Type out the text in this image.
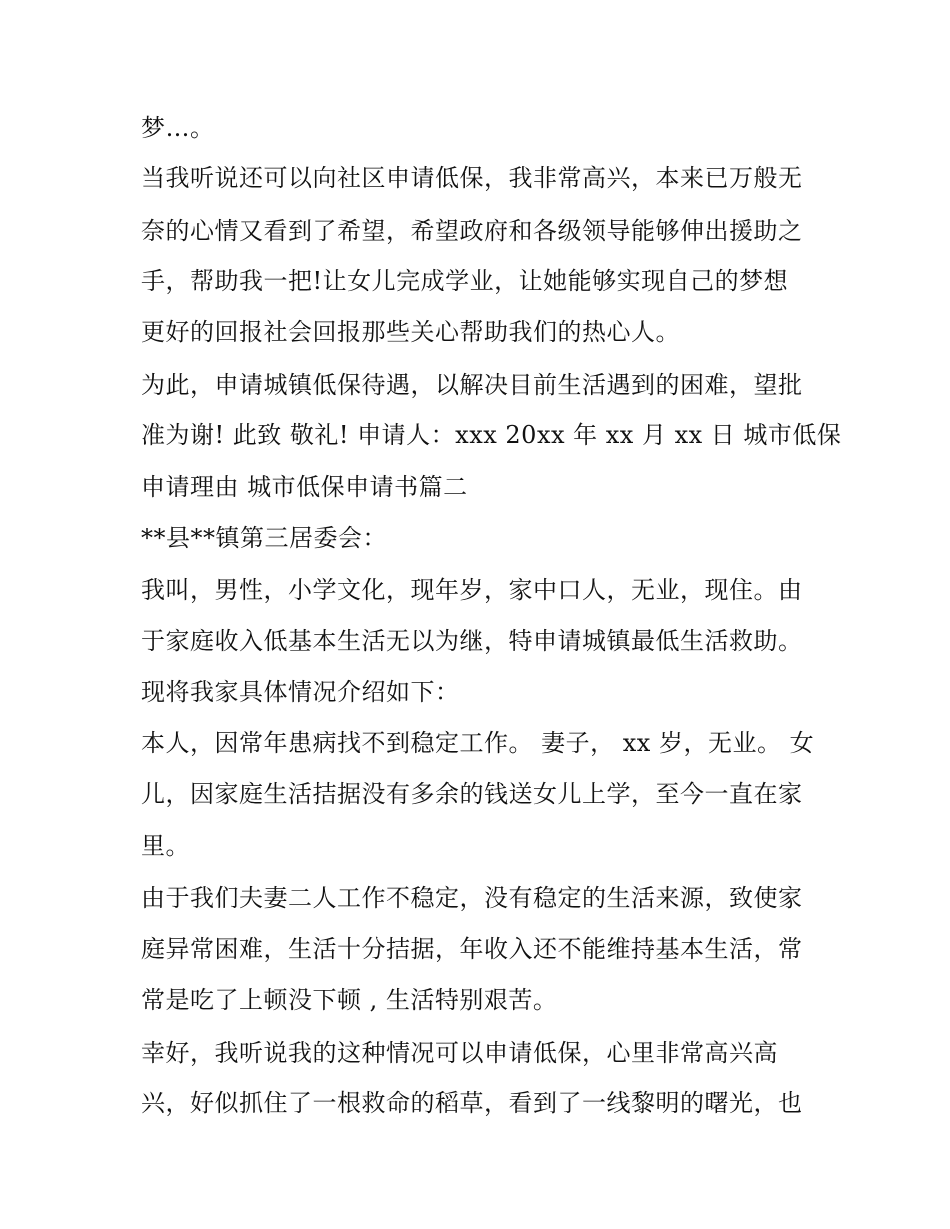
梦…。
当我听说还可以向社区申请低保，我非常高兴，本来已万般无
奈的心情又看到了希望，希望政府和各级领导能够伸出援助之
手，帮助我一把!让女儿完成学业，让她能够实现自己的梦想
更好的回报社会回报那些关心帮助我们的热心人。
为此，申请城镇低保待遇，以解决目前生活遇到的困难，望批
准为谢! 此致 敬礼! 申请人：xxx 20xx 年 xx 月 xx 日 城市低保
申请理由 城市低保申请书篇二
**县**镇第三居委会：
我叫，男性，小学文化，现年岁，家中口人，无业，现住。由
于家庭收入低基本生活无以为继，特申请城镇最低生活救助。
现将我家具体情况介绍如下：
本人，因常年患病找不到稳定工作。 妻子， xx 岁，无业。 女
儿，因家庭生活拮据没有多余的钱送女儿上学，至今一直在家
里。
由于我们夫妻二人工作不稳定，没有稳定的生活来源，致使家
庭异常困难，生活十分拮据，年收入还不能维持基本生活，常
常是吃了上顿没下顿 , 生活特别艰苦。
幸好，我听说我的这种情况可以申请低保，心里非常高兴高
兴，好似抓住了一根救命的稻草，看到了一线黎明的曙光，也
